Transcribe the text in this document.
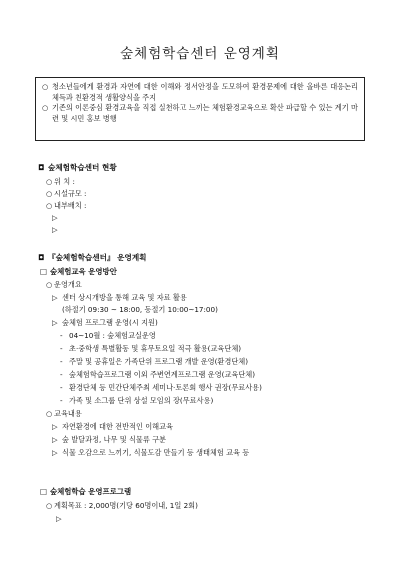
숲체험학습센터 운영계획
○ 청소년들에게 환경과 자연에 대한 이해와 정서안정을 도모하여 환경문제에 대한 올바른 대응논리 체득과 친환경적 생활양식을 주지
○ 기존의 이론중심 환경교육을 직접 실천하고 느끼는 체험환경교육으로 확산 파급할 수 있는 계기 마련 및 시민 홍보 병행
◘ 숲체험학습센터 현황
○ 위 치 :
○ 시설규모 :
○ 내부배치 :
▷
▷
◘ 『숲체험학습센터』 운영계획
□ 숲체험교육 운영방안
○ 운영개요
▷ 센터 상시개방을 통해 교육 및 자료 활용
(하절기 09:30 ~ 18:00, 동절기 10:00~17:00)
▷ 숲체험 프로그램 운영(시 지원)
- 04~10월 : 숲체험교실운영
- 초·중학생 특별활동 및 휴무토요일 적극 활용(교육단체)
- 주말 및 공휴일은 가족단위 프로그램 개발 운영(환경단체)
- 숲체험학습프로그램 이외 주변연계프로그램 운영(교육단체)
- 환경단체 등 민간단체주최 세미나·토론회 행사 권장(무료사용)
- 가족 및 소그룹 단위 상설 모임의 장(무료사용)
○ 교육내용
▷ 자연환경에 대한 전반적인 이해교육
▷ 숲 발달과정, 나무 및 식물류 구분
▷ 식물 오감으로 느끼기, 식물도감 만들기 등 생태체험 교육 등
□ 숲체험학습 운영프로그램
○ 계획목표 : 2,000명(기당 60명이내, 1일 2회)
▷
